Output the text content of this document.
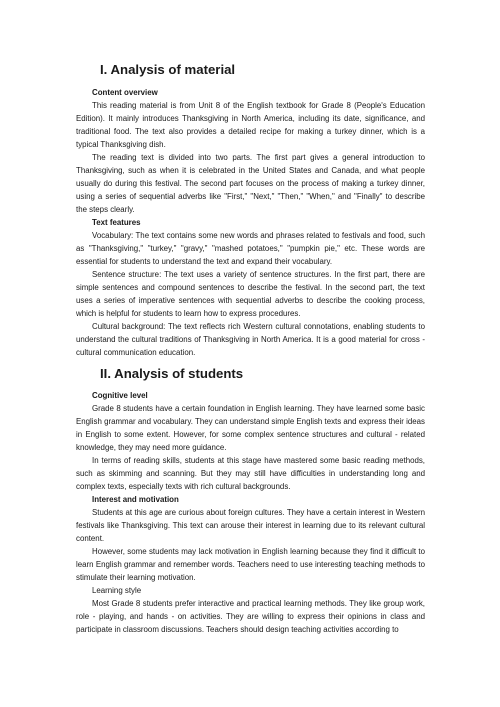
I. Analysis of material
Content overview

This reading material is from Unit 8 of the English textbook for Grade 8 (People's Education Edition). It mainly introduces Thanksgiving in North America, including its date, significance, and traditional food. The text also provides a detailed recipe for making a turkey dinner, which is a typical Thanksgiving dish.

The reading text is divided into two parts. The first part gives a general introduction to Thanksgiving, such as when it is celebrated in the United States and Canada, and what people usually do during this festival. The second part focuses on the process of making a turkey dinner, using a series of sequential adverbs like "First," "Next," "Then," "When," and "Finally" to describe the steps clearly.

Text features

Vocabulary: The text contains some new words and phrases related to festivals and food, such as "Thanksgiving," "turkey," "gravy," "mashed potatoes," "pumpkin pie," etc. These words are essential for students to understand the text and expand their vocabulary.

Sentence structure: The text uses a variety of sentence structures. In the first part, there are simple sentences and compound sentences to describe the festival. In the second part, the text uses a series of imperative sentences with sequential adverbs to describe the cooking process, which is helpful for students to learn how to express procedures.

Cultural background: The text reflects rich Western cultural connotations, enabling students to understand the cultural traditions of Thanksgiving in North America. It is a good material for cross - cultural communication education.

II. Analysis of students
Cognitive level

Grade 8 students have a certain foundation in English learning. They have learned some basic English grammar and vocabulary. They can understand simple English texts and express their ideas in English to some extent. However, for some complex sentence structures and cultural - related knowledge, they may need more guidance.

In terms of reading skills, students at this stage have mastered some basic reading methods, such as skimming and scanning. But they may still have difficulties in understanding long and complex texts, especially texts with rich cultural backgrounds.

Interest and motivation

Students at this age are curious about foreign cultures. They have a certain interest in Western festivals like Thanksgiving. This text can arouse their interest in learning due to its relevant cultural content.

However, some students may lack motivation in English learning because they find it difficult to learn English grammar and remember words. Teachers need to use interesting teaching methods to stimulate their learning motivation.

Learning style

Most Grade 8 students prefer interactive and practical learning methods. They like group work, role - playing, and hands - on activities. They are willing to express their opinions in class and participate in classroom discussions. Teachers should design teaching activities according to
